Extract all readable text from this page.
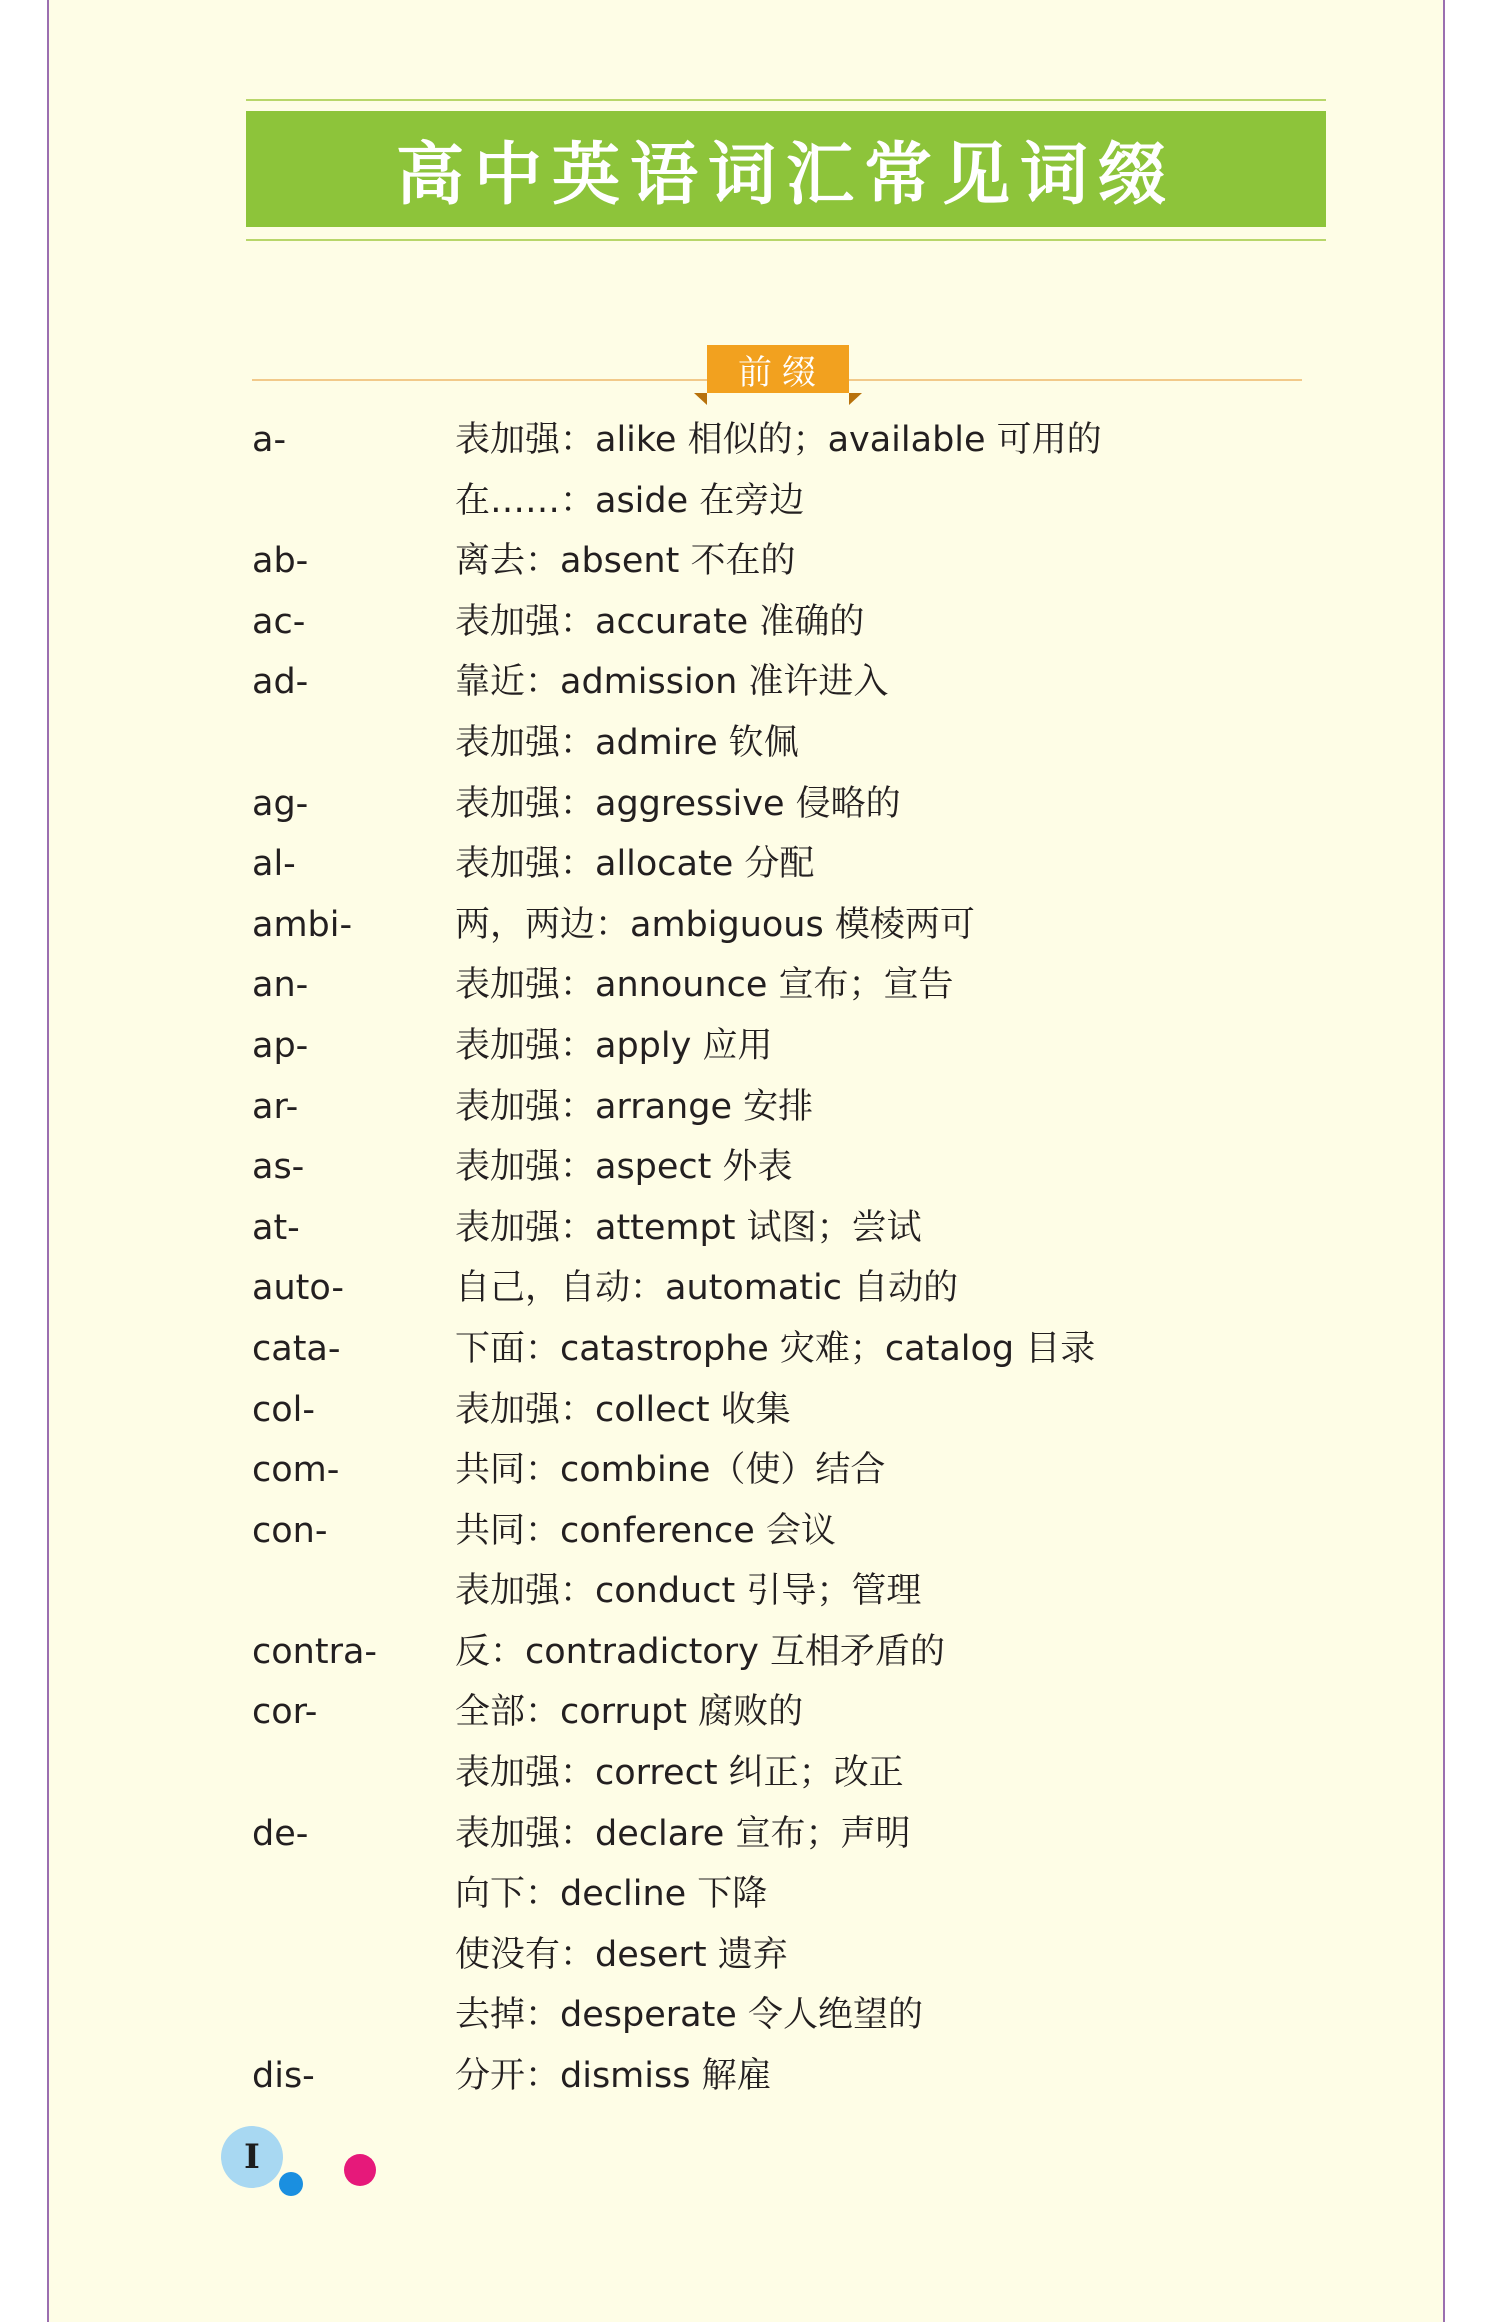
高中英语词汇常见词缀
前缀
a-	表加强：alike 相似的；available 可用的
在……：aside 在旁边
ab-	离去：absent 不在的
ac-	表加强：accurate 准确的
ad-	靠近：admission 准许进入
表加强：admire 钦佩
ag-	表加强：aggressive 侵略的
al-	表加强：allocate 分配
ambi-	两，两边：ambiguous 模棱两可
an-	表加强：announce 宣布；宣告
ap-	表加强：apply 应用
ar-	表加强：arrange 安排
as-	表加强：aspect 外表
at-	表加强：attempt 试图；尝试
auto-	自己，自动：automatic 自动的
cata-	下面：catastrophe 灾难；catalog 目录
col-	表加强：collect 收集
com-	共同：combine（使）结合
con-	共同：conference 会议
表加强：conduct 引导；管理
contra- 反：contradictory 互相矛盾的
cor-	全部：corrupt 腐败的
表加强：correct 纠正；改正
de-	表加强：declare 宣布；声明
向下：decline 下降
使没有：desert 遗弃
去掉：desperate 令人绝望的
dis-	分开：dismiss 解雇
I
